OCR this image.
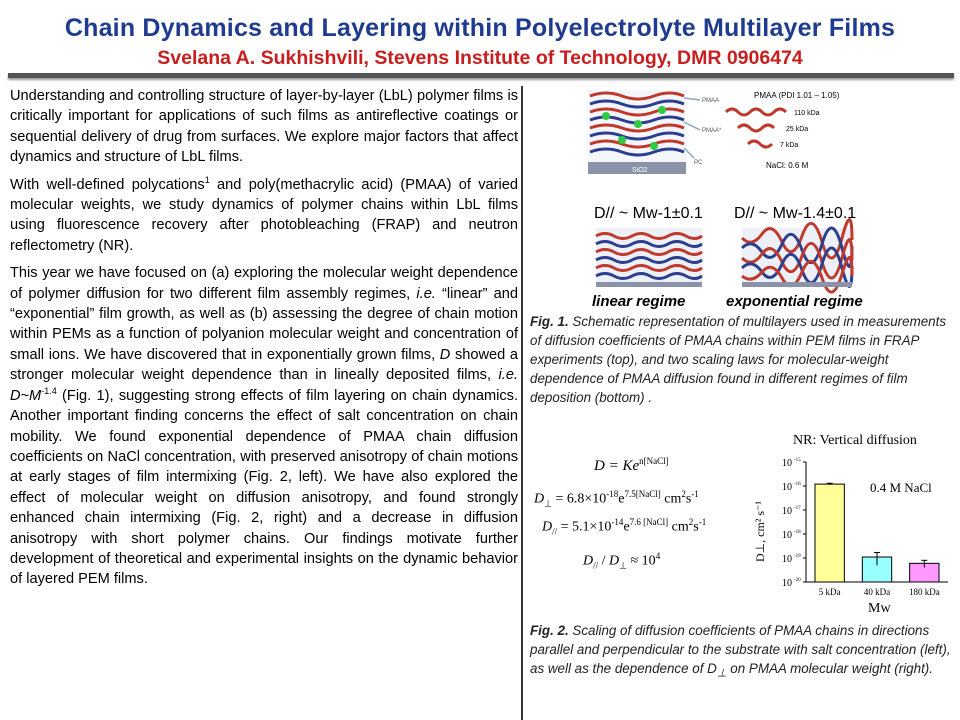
Chain Dynamics and Layering within Polyelectrolyte Multilayer Films
Svelana A. Sukhishvili, Stevens Institute of Technology, DMR 0906474

Understanding and controlling structure of layer-by-layer (LbL) polymer films is critically important for applications of such films as antireflective coatings or sequential delivery of drug from surfaces. We explore major factors that affect dynamics and structure of LbL films.

With well-defined polycations$^1$ and poly(methacrylic acid) (PMAA) of varied molecular weights, we study dynamics of polymer chains within LbL films using fluorescence recovery after photobleaching (FRAP) and neutron reflectometry (NR).

This year we have focused on (a) exploring the molecular weight dependence of polymer diffusion for two different film assembly regimes, i.e. “linear” and “exponential” film growth, as well as (b) assessing the degree of chain motion within PEMs as a function of polyanion molecular weight and concentration of small ions. We have discovered that in exponentially grown films, D showed a stronger molecular weight dependence than in lineally deposited films, i.e. $D\sim M^{-1.4}$ (Fig. 1), suggesting strong effects of film layering on chain dynamics. Another important finding concerns the effect of salt concentration on chain mobility. We found exponential dependence of PMAA chain diffusion coefficients on NaCl concentration, with preserved anisotropy of chain motions at early stages of film intermixing (Fig. 2, left). We have also explored the effect of molecular weight on diffusion anisotropy, and found strongly enhanced chain intermixing (Fig. 2, right) and a decrease in diffusion anisotropy with short polymer chains. Our findings motivate further development of theoretical and experimental insights on the dynamic behavior of layered PEM films.

SiO2
PMAA
PMAA*
PC
PMAA (PDI 1.01 – 1.05)
110 kDa
25 kDa
7 kDa
NaCl: 0.6 M
D// ~ Mw-1±0.1 D// ~ Mw-1.4±0.1
linear regime	exponential regime
Fig. 1. Schematic representation of multilayers used in measurements of diffusion coefficients of PMAA chains within PEM films in FRAP experiments (top), and two scaling laws for molecular-weight dependence of PMAA diffusion found in different regimes of film deposition (bottom) .
$D = Ke^{n[NaCl]}$
$D_\perp = 6.8\times 10^{-18}e^{7.5[NaCl]}$ $cm^2s^{-1}$
$D_{//} = 5.1\times 10^{-14}e^{7.6 [NaCl]}$ $cm^2s^{-1}$
$D_{//} / D_\perp \approx 10^4$
NR: Vertical diffusion
10 -20
10 -19
10 -18
10 -17
10 -16
10 -15
D⊥, cm² s⁻¹
5 kDa	40 kDa 180 kDa
0.4 M NaCl
Mw
Fig. 2. Scaling of diffusion coefficients of PMAA chains in directions parallel and perpendicular to the substrate with salt concentration (left), as well as the dependence of $D_\perp$ on PMAA molecular weight (right).
